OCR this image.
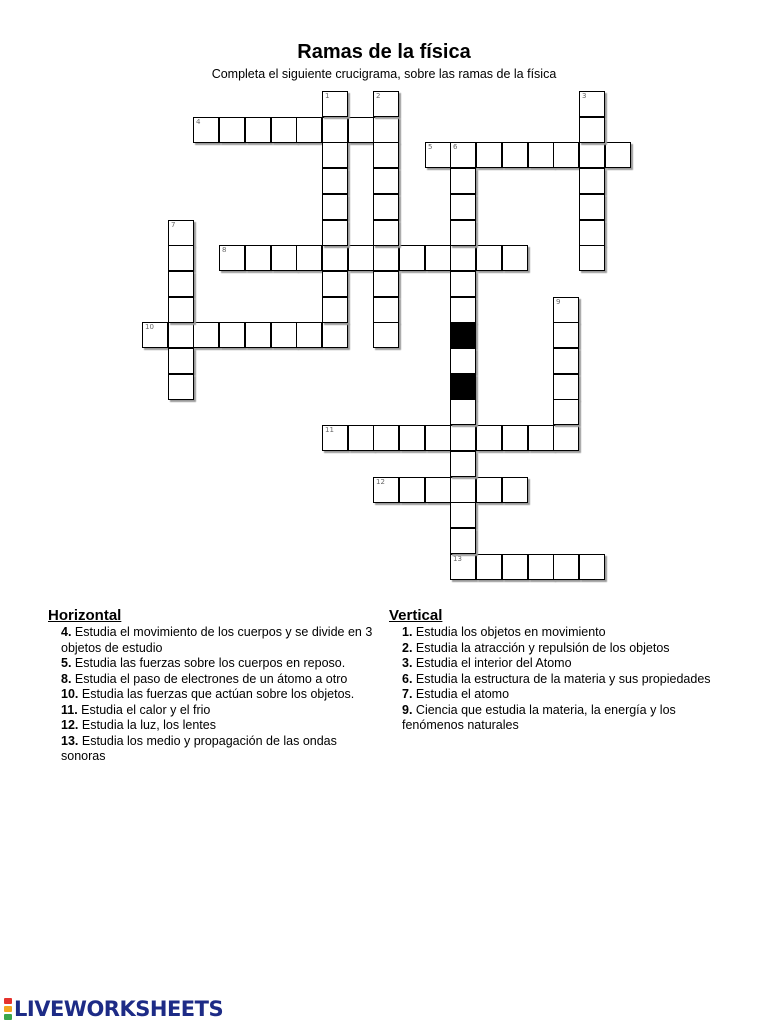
Ramas de la física
Completa el siguiente crucigrama, sobre las ramas de la física
4
5	6
8
10
11
12
13
1	2	3
7
9
Horizontal
4. Estudia el movimiento de los cuerpos y se divide en 3 objetos de estudio
5. Estudia las fuerzas sobre los cuerpos en reposo.
8. Estudia el paso de electrones de un átomo a otro
10. Estudia las fuerzas que actúan sobre los objetos.
11. Estudia el calor y el frio
12. Estudia la luz, los lentes
13. Estudia los medio y propagación de las ondas sonoras
Vertical
1. Estudia los objetos en movimiento
2. Estudia la atracción y repulsión de los objetos
3. Estudia el interior del Atomo
6. Estudia la estructura de la materia y sus propiedades
7. Estudia el atomo
9. Ciencia que estudia la materia, la energía y los fenómenos naturales
LIVEWORKSHEETS
